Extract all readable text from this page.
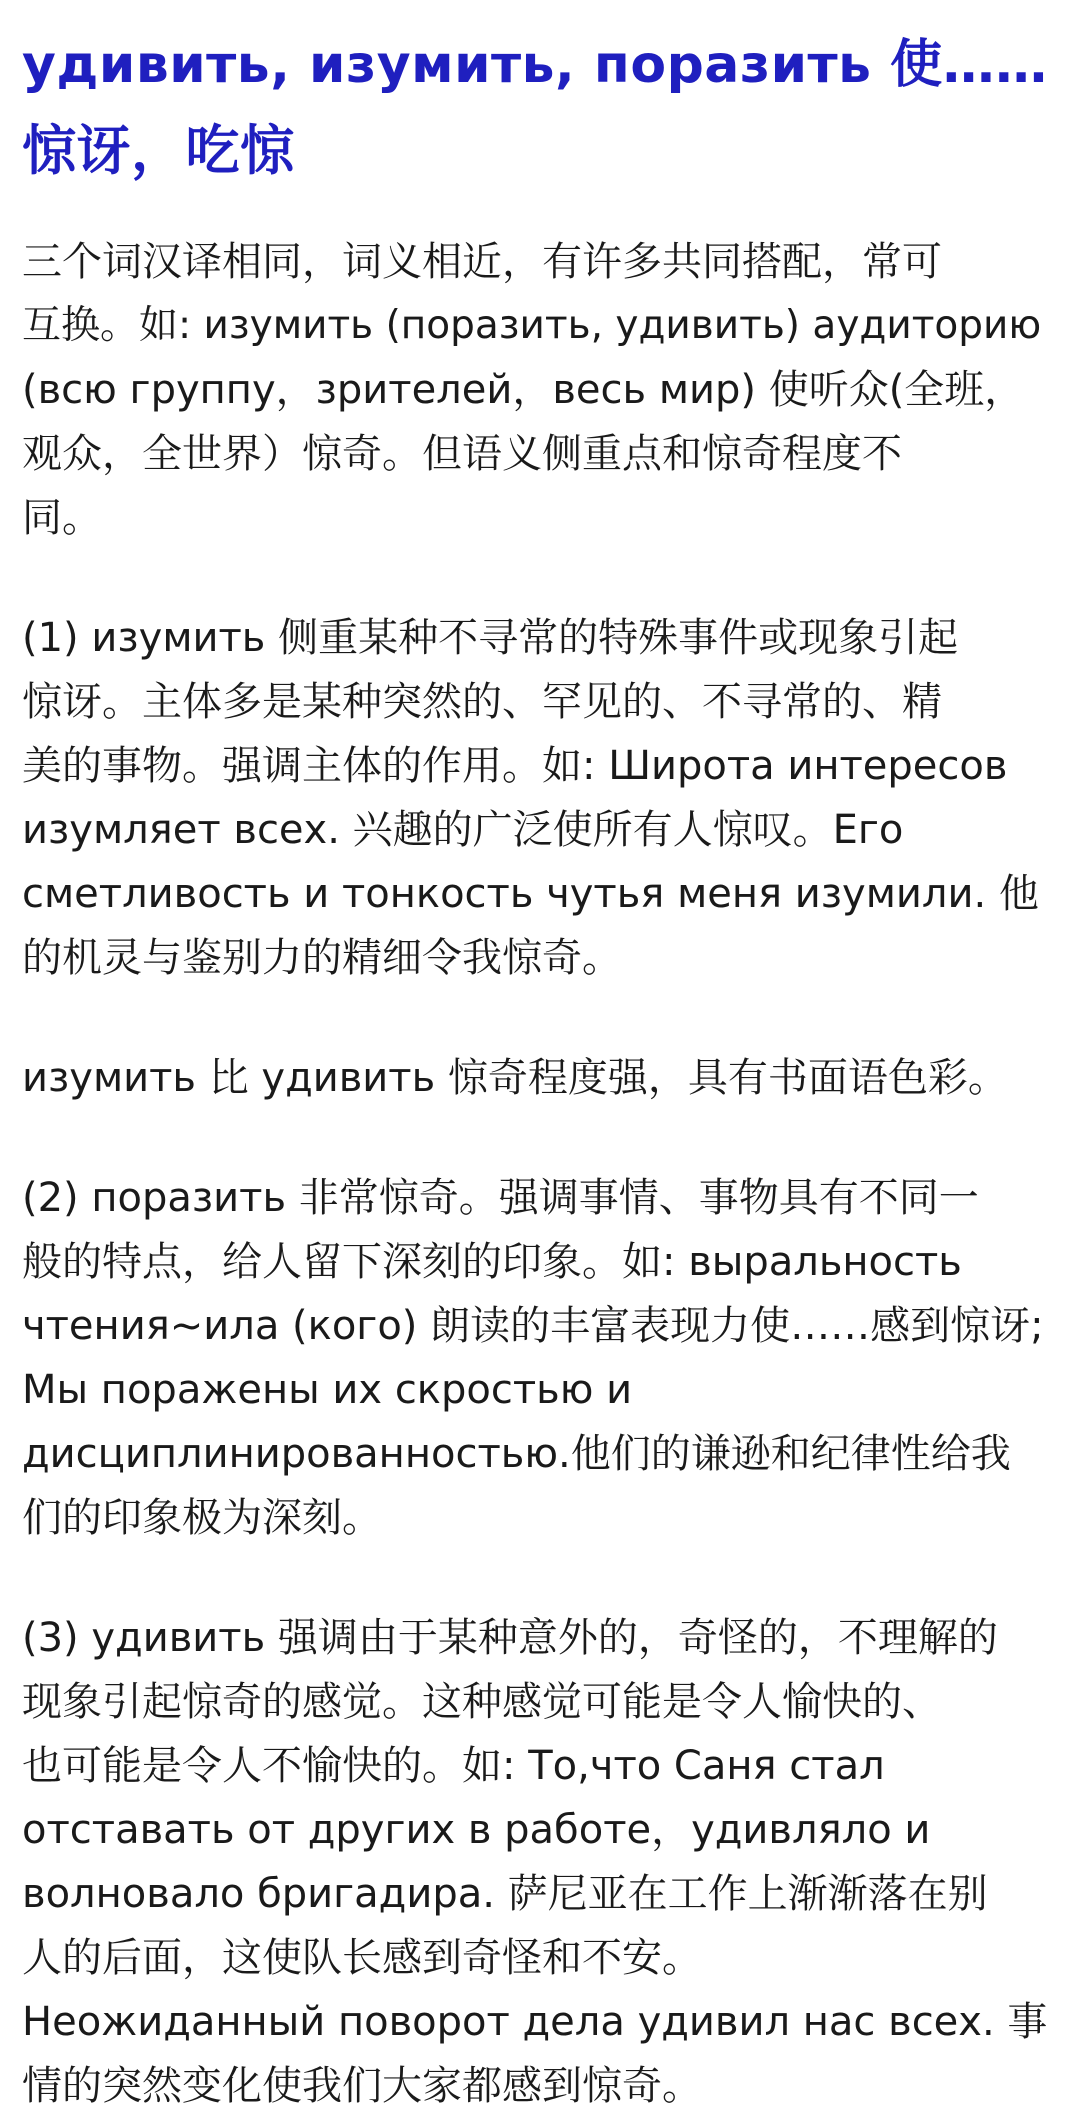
удивить, изумить, поразить 使……
惊讶，吃惊
三个词汉译相同，词义相近，有许多共同搭配，常可
互换。如: изумить (поразить, удивить) аудиторию
(всю группу，зрителей，весь мир) 使听众(全班，
观众，全世界）惊奇。但语义侧重点和惊奇程度不
同。
(1) изумить 侧重某种不寻常的特殊事件或现象引起
惊讶。主体多是某种突然的、罕见的、不寻常的、精
美的事物。强调主体的作用。如: Широта интересов
изумляет всех. 兴趣的广泛使所有人惊叹。Его
сметливость и тонкость чутья меня изумили. 他
的机灵与鉴别力的精细令我惊奇。
изумить 比 удивить 惊奇程度强，具有书面语色彩。
(2) поразить 非常惊奇。强调事情、事物具有不同一
般的特点，给人留下深刻的印象。如: выральность
чтения~ила (кого) 朗读的丰富表现力使……感到惊讶;
Мы поражены их скростью и
дисциплинированностью.他们的谦逊和纪律性给我
们的印象极为深刻。
(3) удивить 强调由于某种意外的，奇怪的，不理解的
现象引起惊奇的感觉。这种感觉可能是令人愉快的、
也可能是令人不愉快的。如: То,что Саня стал
отставать от других в работе，удивляло и
волновало бригадира. 萨尼亚在工作上渐渐落在别
人的后面，这使队长感到奇怪和不安。
Неожиданный поворот дела удивил нас всех. 事
情的突然变化使我们大家都感到惊奇。
